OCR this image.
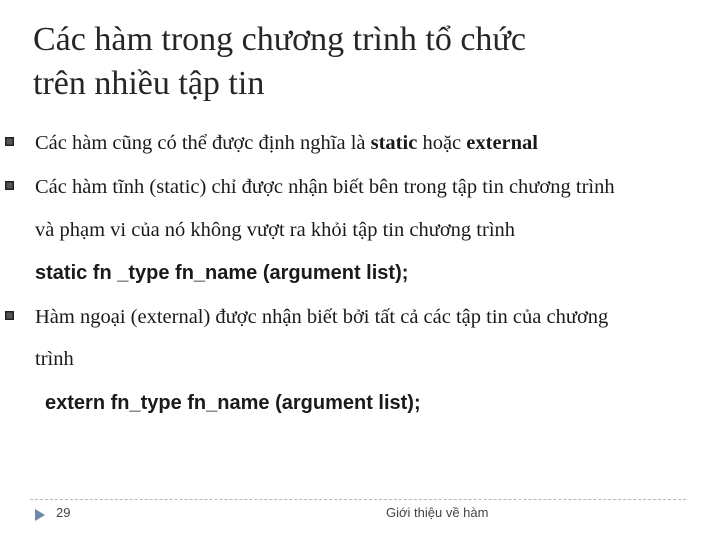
Các hàm trong chương trình tổ chức
trên nhiều tập tin
Các hàm cũng có thể được định nghĩa là static hoặc external
Các hàm tĩnh (static) chỉ được nhận biết bên trong tập tin chương trình
và phạm vi của nó không vượt ra khỏi tập tin chương trình
static fn _type fn_name (argument list);
Hàm ngoại (external) được nhận biết bởi tất cả các tập tin của chương
trình
extern fn_type fn_name (argument list);
29	Giới thiệu về hàm
